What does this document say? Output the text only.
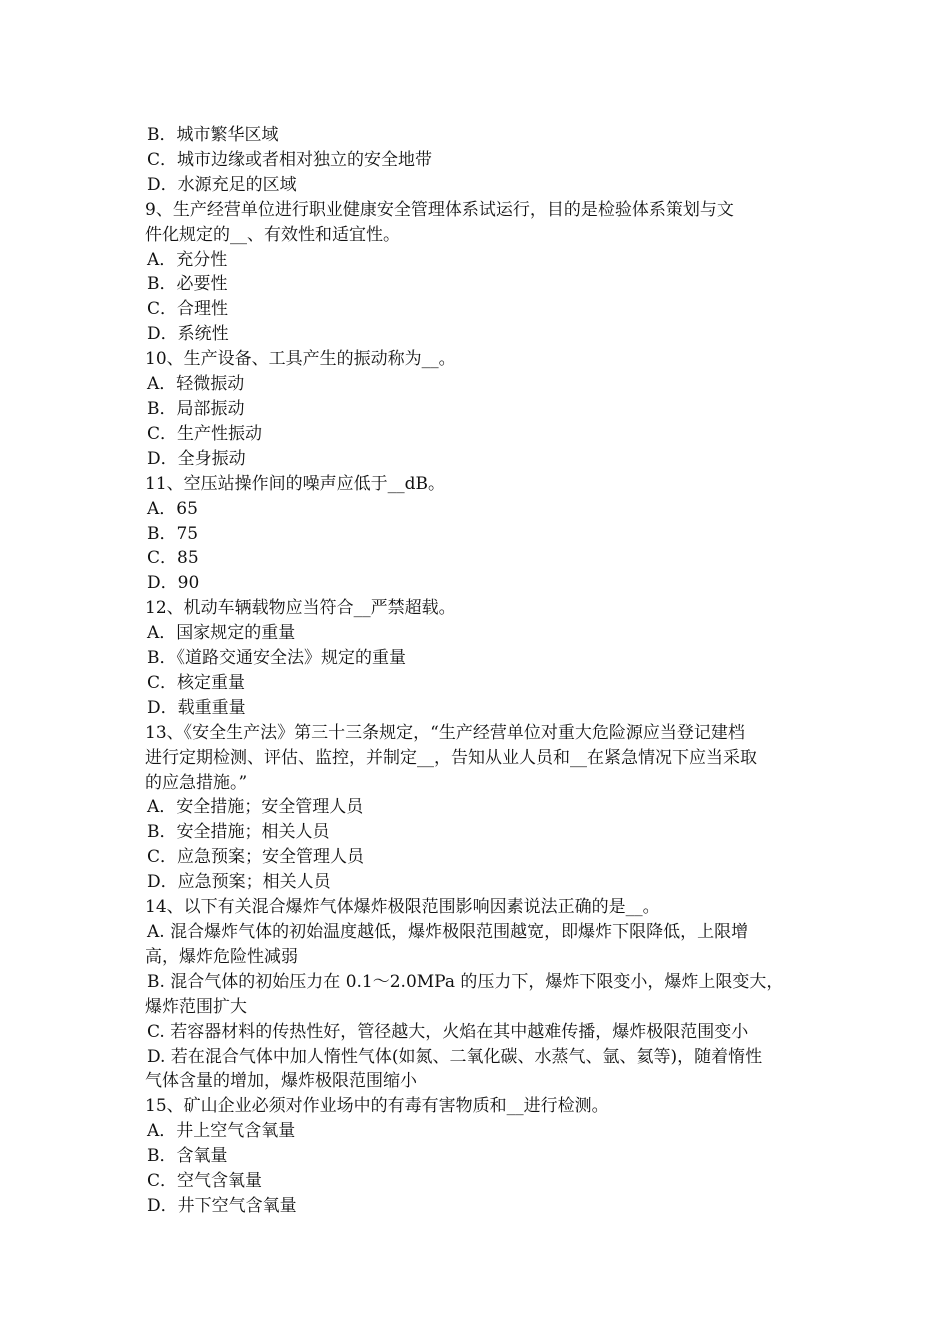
B．城市繁华区域
C．城市边缘或者相对独立的安全地带
D．水源充足的区域
9、生产经营单位进行职业健康安全管理体系试运行，目的是检验体系策划与文
件化规定的__、有效性和适宜性。
A．充分性
B．必要性
C．合理性
D．系统性
10、生产设备、工具产生的振动称为__。
A．轻微振动
B．局部振动
C．生产性振动
D．全身振动
11、空压站操作间的噪声应低于__dB。
A．65
B．75
C．85
D．90
12、机动车辆载物应当符合__严禁超载。
A．国家规定的重量
B．《道路交通安全法》规定的重量
C．核定重量
D．载重重量
13、《安全生产法》第三十三条规定，“生产经营单位对重大危险源应当登记建档
进行定期检测、评估、监控，并制定__，告知从业人员和__在紧急情况下应当采取
的应急措施。”
A．安全措施；安全管理人员
B．安全措施；相关人员
C．应急预案；安全管理人员
D．应急预案；相关人员
14、以下有关混合爆炸气体爆炸极限范围影响因素说法正确的是__。
A. 混合爆炸气体的初始温度越低，爆炸极限范围越宽，即爆炸下限降低，上限增
高，爆炸危险性减弱
B. 混合气体的初始压力在 0.1～2.0MPa 的压力下，爆炸下限变小，爆炸上限变大，
爆炸范围扩大
C. 若容器材料的传热性好，管径越大，火焰在其中越难传播，爆炸极限范围变小
D. 若在混合气体中加人惰性气体(如氮、二氧化碳、水蒸气、氩、氦等)，随着惰性
气体含量的增加，爆炸极限范围缩小
15、矿山企业必须对作业场中的有毒有害物质和__进行检测。
A．井上空气含氧量
B．含氧量
C．空气含氧量
D．井下空气含氧量
